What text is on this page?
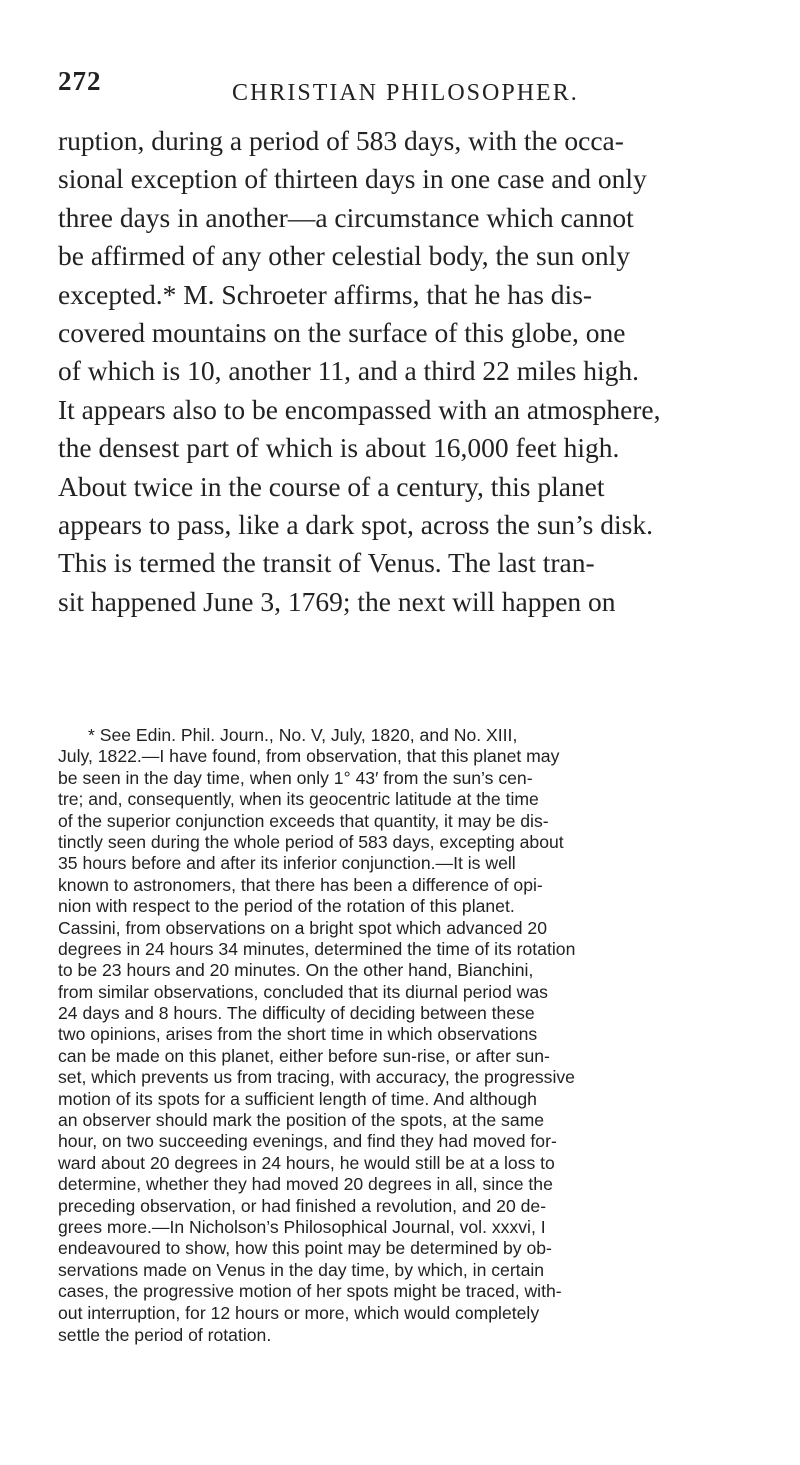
272	CHRISTIAN PHILOSOPHER.
ruption, during a period of 583 days, with the occa-
sional exception of thirteen days in one case and only
three days in another—a circumstance which cannot
be affirmed of any other celestial body, the sun only
excepted.* M. Schroeter affirms, that he has dis-
covered mountains on the surface of this globe, one
of which is 10, another 11, and a third 22 miles high.
It appears also to be encompassed with an atmosphere,
the densest part of which is about 16,000 feet high.
About twice in the course of a century, this planet
appears to pass, like a dark spot, across the sun’s disk.
This is termed the transit of Venus. The last tran-
sit happened June 3, 1769; the next will happen on
* See Edin. Phil. Journ., No. V, July, 1820, and No. XIII,
July, 1822.—I have found, from observation, that this planet may
be seen in the day time, when only 1° 43′ from the sun’s cen-
tre; and, consequently, when its geocentric latitude at the time
of the superior conjunction exceeds that quantity, it may be dis-
tinctly seen during the whole period of 583 days, excepting about
35 hours before and after its inferior conjunction.—It is well
known to astronomers, that there has been a difference of opi-
nion with respect to the period of the rotation of this planet.
Cassini, from observations on a bright spot which advanced 20
degrees in 24 hours 34 minutes, determined the time of its rotation
to be 23 hours and 20 minutes. On the other hand, Bianchini,
from similar observations, concluded that its diurnal period was
24 days and 8 hours. The difficulty of deciding between these
two opinions, arises from the short time in which observations
can be made on this planet, either before sun-rise, or after sun-
set, which prevents us from tracing, with accuracy, the progressive
motion of its spots for a sufficient length of time. And although
an observer should mark the position of the spots, at the same
hour, on two succeeding evenings, and find they had moved for-
ward about 20 degrees in 24 hours, he would still be at a loss to
determine, whether they had moved 20 degrees in all, since the
preceding observation, or had finished a revolution, and 20 de-
grees more.—In Nicholson’s Philosophical Journal, vol. xxxvi, I
endeavoured to show, how this point may be determined by ob-
servations made on Venus in the day time, by which, in certain
cases, the progressive motion of her spots might be traced, with-
out interruption, for 12 hours or more, which would completely
settle the period of rotation.
